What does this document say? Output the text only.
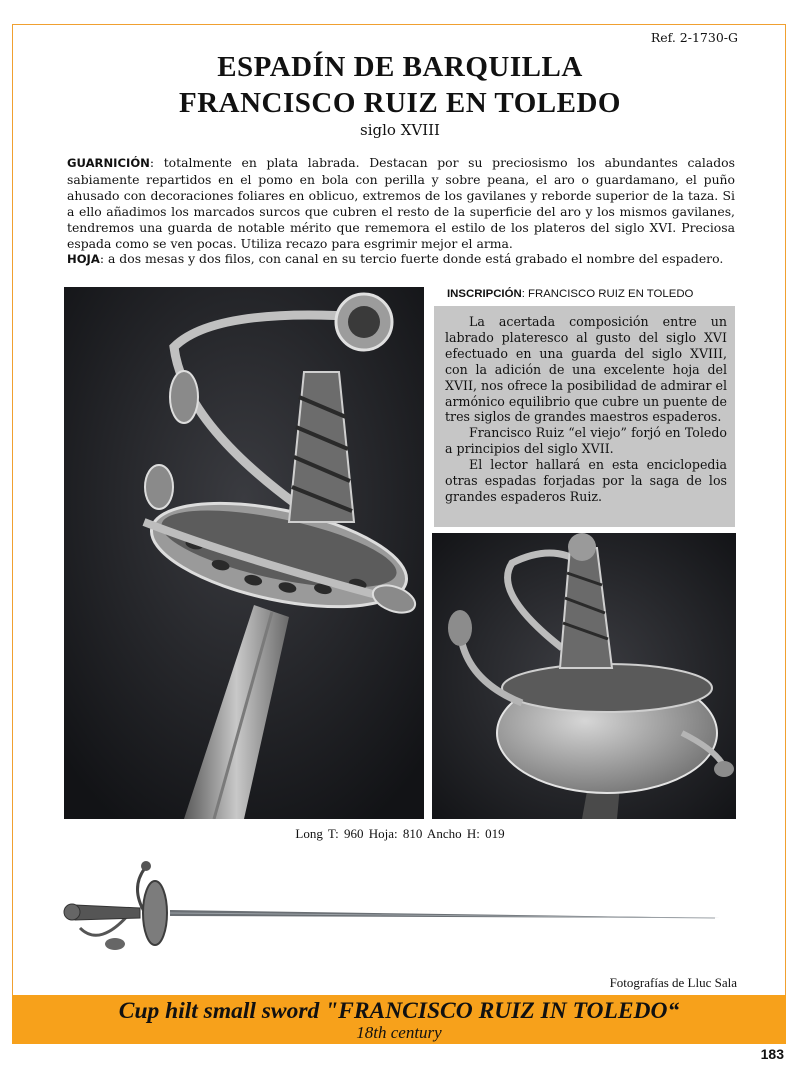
Ref. 2-1730-G
ESPADÍN DE BARQUILLA
FRANCISCO RUIZ EN TOLEDO
siglo XVIII

GUARNICIÓN: totalmente en plata labrada. Destacan por su preciosismo los abundantes calados sabiamente repartidos en el pomo en bola con perilla y sobre peana, el aro o guardamano, el puño ahusado con decoraciones foliares en oblicuo, extremos de los gavilanes y reborde superior de la taza. Si a ello añadimos los marcados surcos que cubren el resto de la superficie del aro y los mismos gavilanes, tendremos una guarda de notable mérito que rememora el estilo de los plateros del siglo XVI. Preciosa espada como se ven pocas. Utiliza recazo para esgrimir mejor el arma.

HOJA: a dos mesas y dos filos, con canal en su tercio fuerte donde está grabado el nombre del espadero.

INSCRIPCIÓN: FRANCISCO RUIZ EN TOLEDO

La acertada composición entre un labrado plateresco al gusto del siglo XVI efectuado en una guarda del siglo XVIII, con la adición de una excelente hoja del XVII, nos ofrece la posibilidad de admirar el armónico equilibrio que cubre un puente de tres siglos de grandes maestros espaderos.

Francisco Ruiz “el viejo” forjó en Toledo a principios del siglo XVII.

El lector hallará en esta enciclopedia otras espadas forjadas por la saga de los grandes espaderos Ruiz.

Long T: 960 Hoja: 810 Ancho H: 019
Fotografías de Lluc Sala
Cup hilt small sword "FRANCISCO RUIZ IN TOLEDO“
18th century
183
